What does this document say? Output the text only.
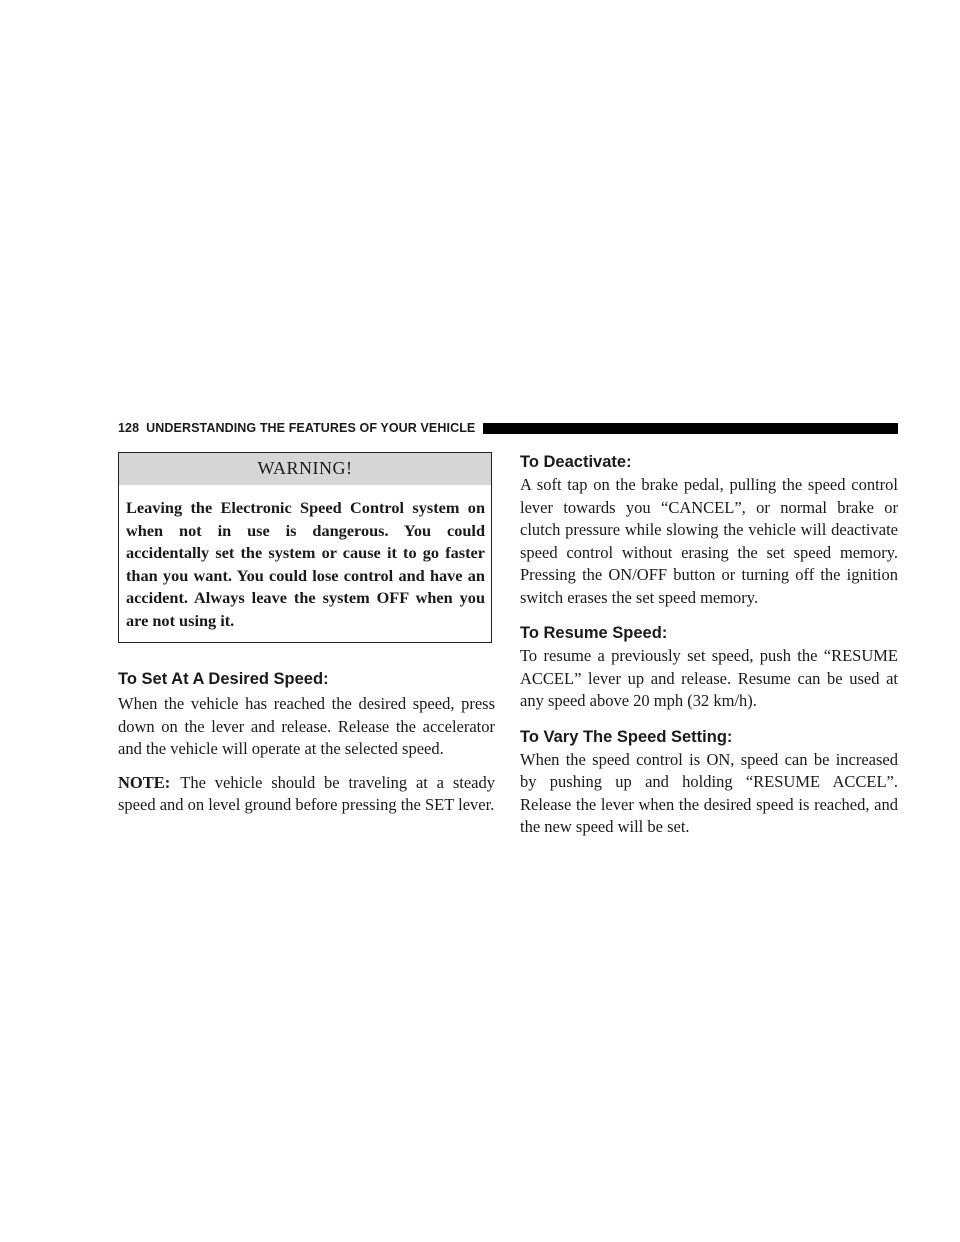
128 UNDERSTANDING THE FEATURES OF YOUR VEHICLE
WARNING!
Leaving the Electronic Speed Control system on when not in use is dangerous. You could accidentally set the system or cause it to go faster than you want. You could lose control and have an accident. Always leave the system OFF when you are not using it.
To Set At A Desired Speed:

When the vehicle has reached the desired speed, press down on the lever and release. Release the accelerator and the vehicle will operate at the selected speed.

NOTE: The vehicle should be traveling at a steady speed and on level ground before pressing the SET lever.

To Deactivate:

A soft tap on the brake pedal, pulling the speed control lever towards you “CANCEL”, or normal brake or clutch pressure while slowing the vehicle will deactivate speed control without erasing the set speed memory. Pressing the ON/OFF button or turning off the ignition switch erases the set speed memory.

To Resume Speed:

To resume a previously set speed, push the “RESUME ACCEL” lever up and release. Resume can be used at any speed above 20 mph (32 km/h).

To Vary The Speed Setting:

When the speed control is ON, speed can be increased by pushing up and holding “RESUME ACCEL”. Release the lever when the desired speed is reached, and the new speed will be set.
